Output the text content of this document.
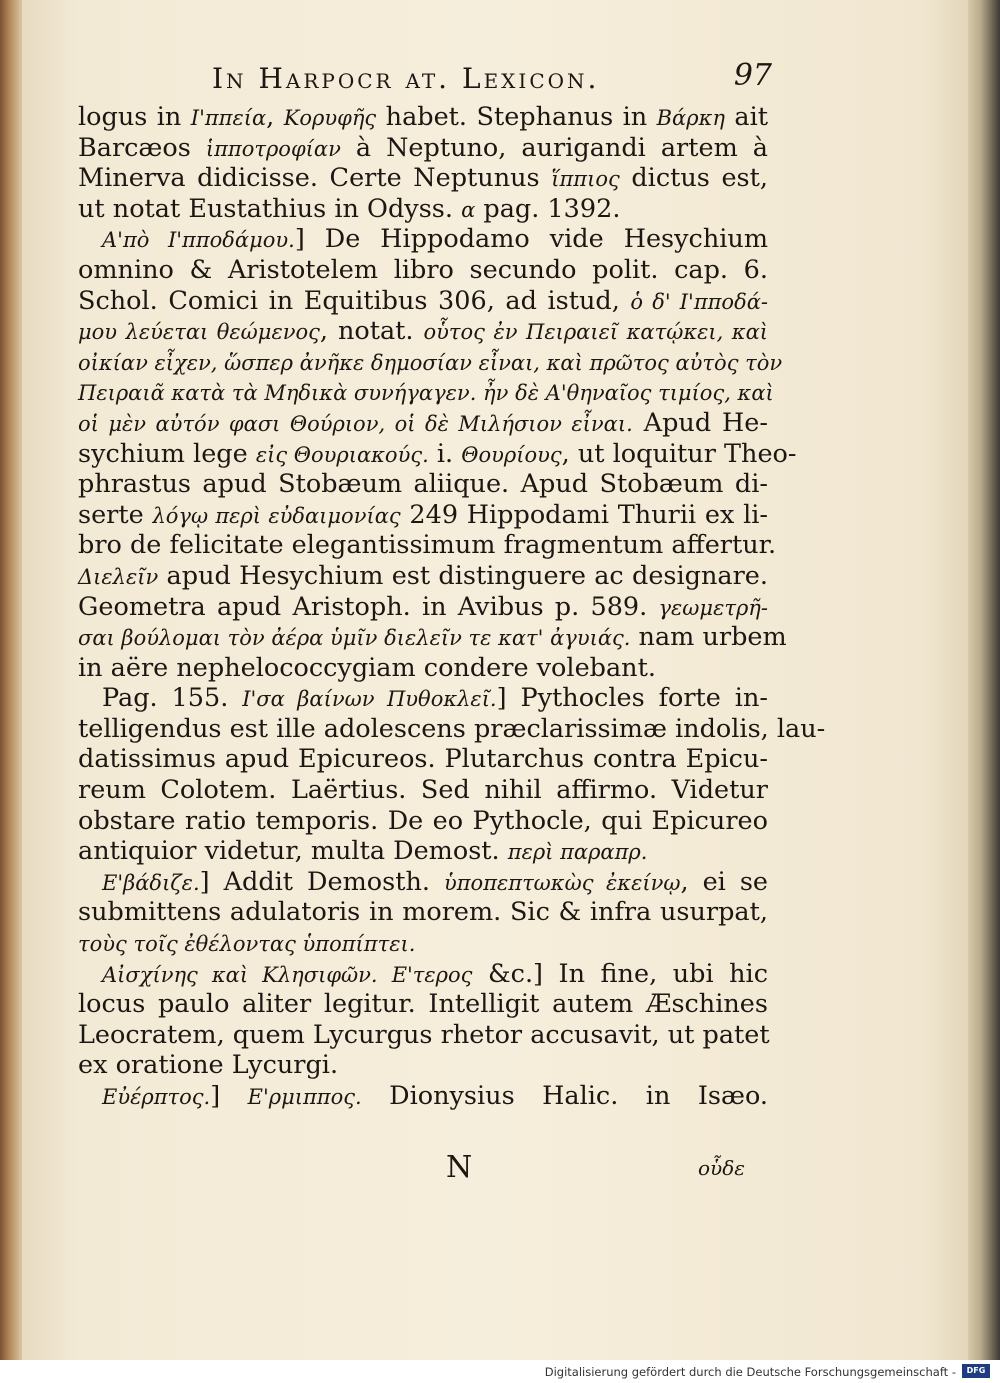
In Harpocr at. Lexicon.	97
logus in Ι'ππεία, Κορυφῆς habet. Stephanus in Βάρκη ait
Barcæos ἱπποτροφίαν à Neptuno, aurigandi artem à
Minerva didicisse. Certe Neptunus ἵππιος dictus est,
ut notat Eustathius in Odyss. α pag. 1392.
Α'πὸ Ι'πποδάμου.] De Hippodamo vide Hesychium
omnino & Aristotelem libro secundo polit. cap. 6.
Schol. Comici in Equitibus 306, ad istud, ὁ δ' Ι'πποδά-
μου λεύεται θεώμενος, notat. οὗτος ἐν Πειραιεῖ κατῴκει, καὶ
οἰκίαν εἶχεν, ὥσπερ ἀνῆκε δημοσίαν εἶναι, καὶ πρῶτος αὐτὸς τὸν
Πειραιᾶ κατὰ τὰ Μηδικὰ συνήγαγεν. ἦν δὲ Α'θηναῖος τιμίος, καὶ
οἱ μὲν αὐτόν φασι Θούριον, οἱ δὲ Μιλήσιον εἶναι. Apud He-
sychium lege εἰς Θουριακούς. i. Θουρίους, ut loquitur Theo-
phrastus apud Stobæum aliique. Apud Stobæum di-
serte λόγῳ περὶ εὐδαιμονίας 249 Hippodami Thurii ex li-
bro de felicitate elegantissimum fragmentum affertur.
Διελεῖν apud Hesychium est distinguere ac designare.
Geometra apud Aristoph. in Avibus p. 589. γεωμετρῆ-
σαι βούλομαι τὸν ἀέρα ὑμῖν διελεῖν τε κατ' ἀγυιάς. nam urbem
in aëre nephelococcygiam condere volebant.
Pag. 155. Ι'σα βαίνων Πυθοκλεῖ.] Pythocles forte in-
telligendus est ille adolescens præclarissimæ indolis, lau-
datissimus apud Epicureos. Plutarchus contra Epicu-
reum Colotem. Laërtius. Sed nihil affirmo. Videtur
obstare ratio temporis. De eo Pythocle, qui Epicureo
antiquior videtur, multa Demost. περὶ παραπρ.
Ε'βάδιζε.] Addit Demosth. ὑποπεπτωκὼς ἐκείνῳ, ei se
submittens adulatoris in morem. Sic & infra usurpat,
τοὺς τοῖς ἐθέλοντας ὑποπίπτει.
Αἰσχίνης καὶ Κλησιφῶν. Ε'τερος &c.] In fine, ubi hic
locus paulo aliter legitur. Intelligit autem Æschines
Leocratem, quem Lycurgus rhetor accusavit, ut patet
ex oratione Lycurgi.
Εὐέρπτος.] Ε'ρμιππος. Dionysius Halic. in Isæo.
N	οὗδε
Digitalisierung gefördert durch die Deutsche Forschungsgemeinschaft -	DFG
